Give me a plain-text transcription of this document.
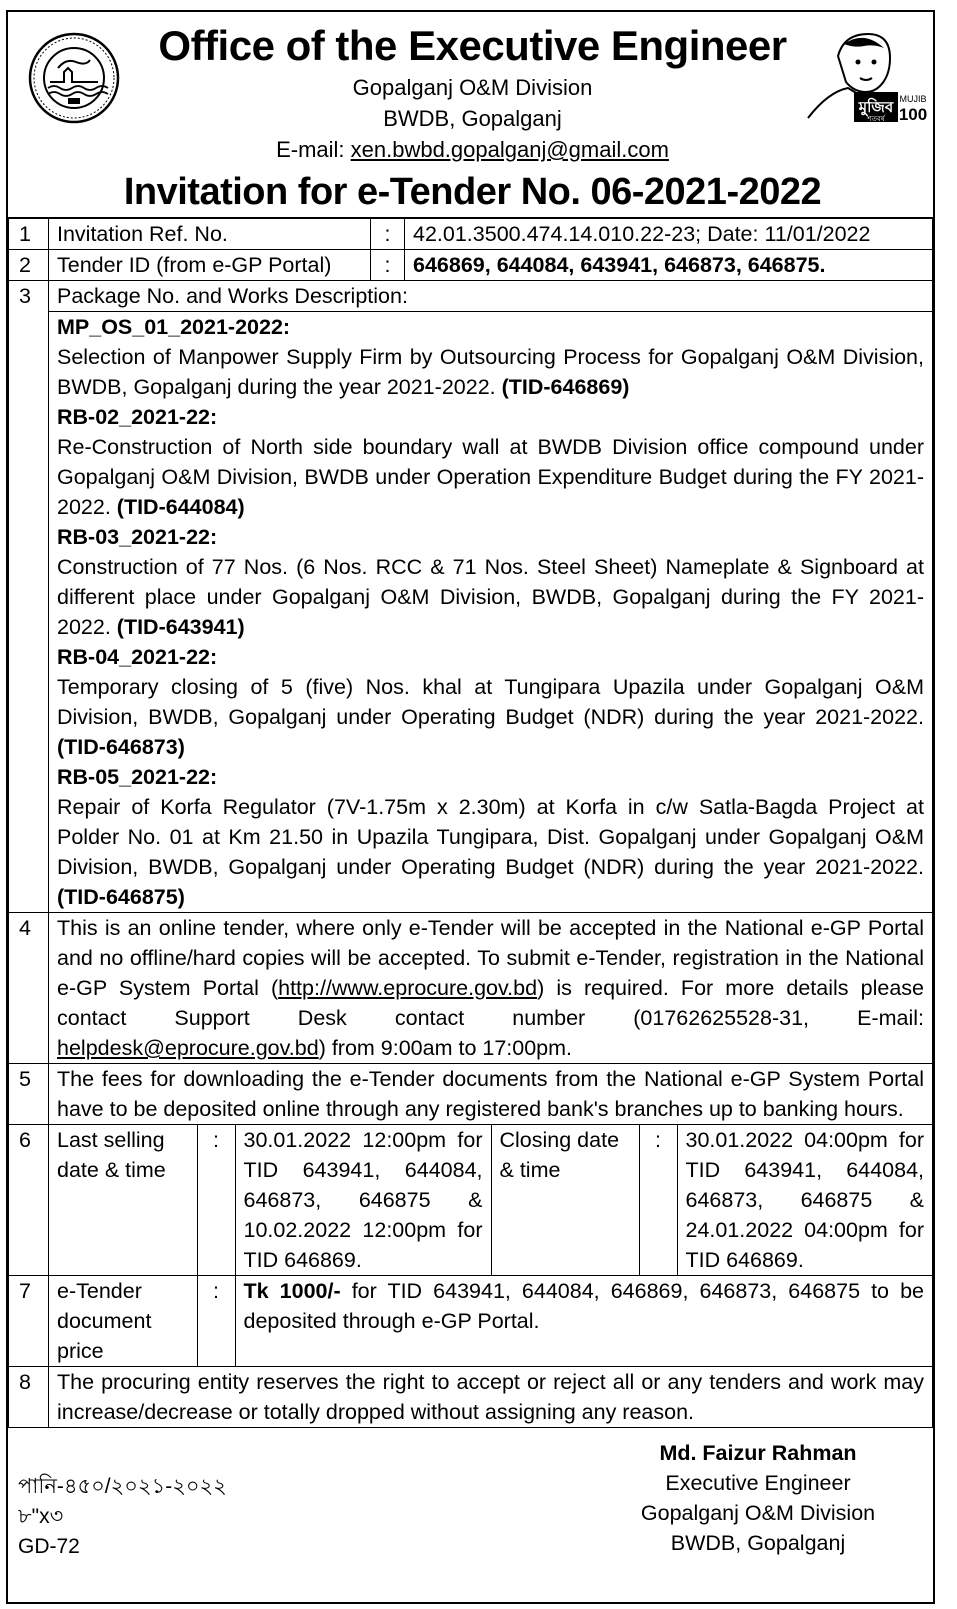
Office of the Executive Engineer
Gopalganj O&M Division
BWDB, Gopalganj
E-mail: xen.bwbd.gopalganj@gmail.com
Invitation for e-Tender No. 06-2021-2022
মুজিব
শতবর্ষ
MUJIB
100
1	Invitation Ref. No.	:	42.01.3500.474.14.010.22-23; Date: 11/01/2022
2	Tender ID (from e-GP Portal)	:	646869, 644084, 643941, 646873, 646875.
3	Package No. and Works Description:

MP_OS_01_2021-2022:
Selection of Manpower Supply Firm by Outsourcing Process for Gopalganj O&M Division, BWDB, Gopalganj during the year 2021-2022. (TID-646869)
RB-02_2021-22:
Re-Construction of North side boundary wall at BWDB Division office compound under Gopalganj O&M Division, BWDB under Operation Expenditure Budget during the FY 2021-2022. (TID-644084)
RB-03_2021-22:
Construction of 77 Nos. (6 Nos. RCC & 71 Nos. Steel Sheet) Nameplate & Signboard at different place under Gopalganj O&M Division, BWDB, Gopalganj during the FY 2021-2022. (TID-643941)
RB-04_2021-22:
Temporary closing of 5 (five) Nos. khal at Tungipara Upazila under Gopalganj O&M Division, BWDB, Gopalganj under Operating Budget (NDR) during the year 2021-2022. (TID-646873)
RB-05_2021-22:
Repair of Korfa Regulator (7V-1.75m x 2.30m) at Korfa in c/w Satla-Bagda Project at Polder No. 01 at Km 21.50 in Upazila Tungipara, Dist. Gopalganj under Gopalganj O&M Division, BWDB, Gopalganj under Operating Budget (NDR) during the year 2021-2022. (TID-646875)

4	This is an online tender, where only e-Tender will be accepted in the National e-GP Portal and no offline/hard copies will be accepted. To submit e-Tender, registration in the National e-GP System Portal (http://www.eprocure.gov.bd) is required. For more details please contact Support Desk contact number (01762625528-31, E-mail: helpdesk@eprocure.gov.bd) from 9:00am to 17:00pm.
5	The fees for downloading the e-Tender documents from the National e-GP System Portal have to be deposited online through any registered bank's branches up to banking hours.
6	Last selling date & time	:	30.01.2022 12:00pm for TID 643941, 644084, 646873, 646875 & 10.02.2022 12:00pm for TID 646869.	Closing date & time	:	30.01.2022 04:00pm for TID 643941, 644084, 646873, 646875 & 24.01.2022 04:00pm for TID 646869.

7	e-Tender document price	:	Tk 1000/- for TID 643941, 644084, 646869, 646873, 646875 to be deposited through e-GP Portal.

8	The procuring entity reserves the right to accept or reject all or any tenders and work may increase/decrease or totally dropped without assigning any reason.
পানি-৪৫০/২০২১-২০২২
৮"x৩
GD-72
Md. Faizur Rahman
Executive Engineer
Gopalganj O&M Division
BWDB, Gopalganj
